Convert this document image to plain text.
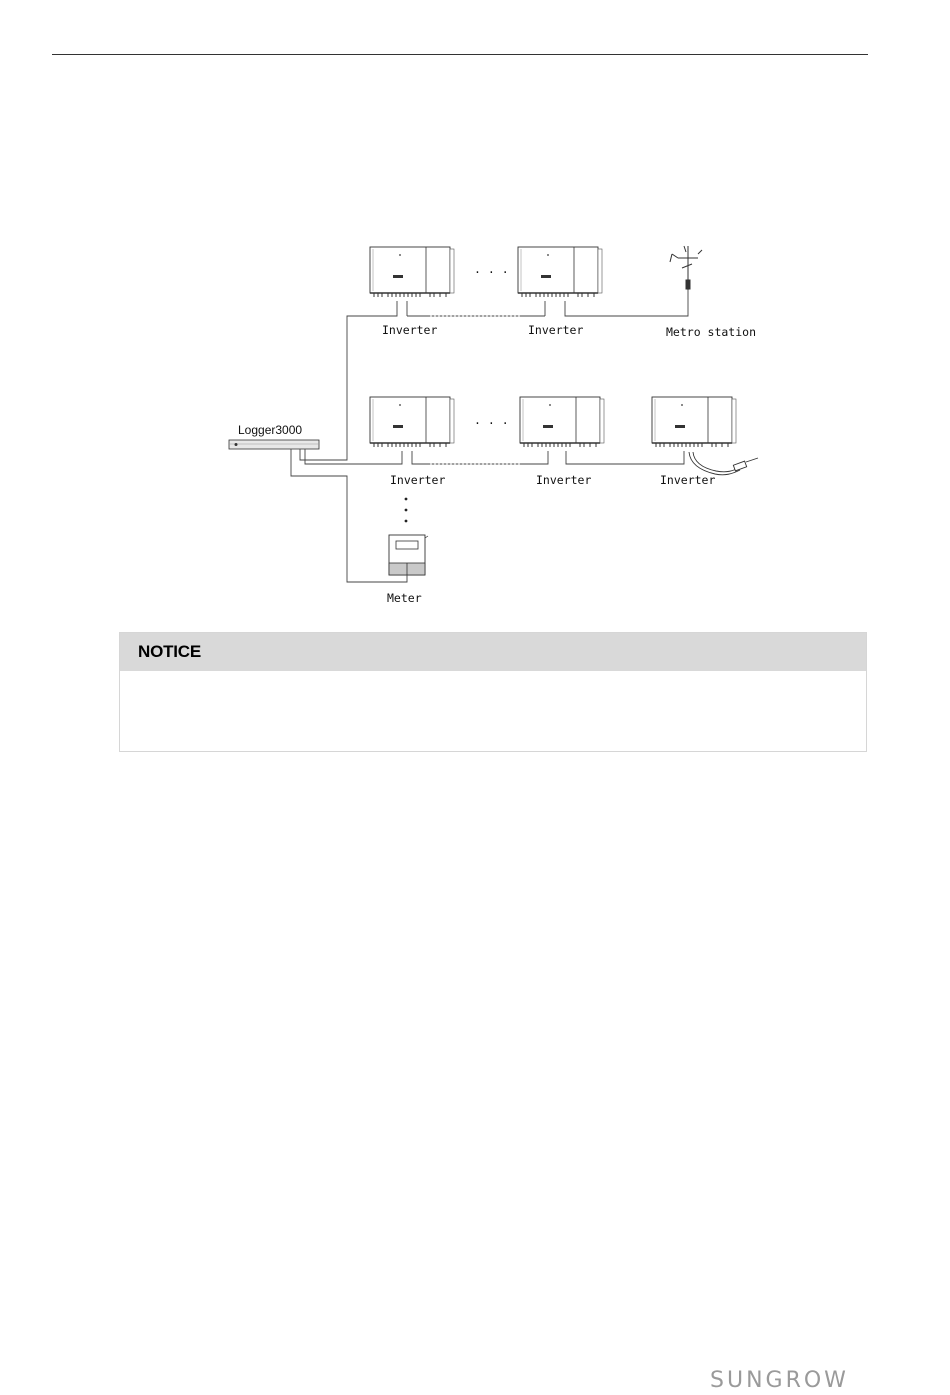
· · ·
· · ·
Inverter	Inverter	Metro station
Logger3000
Inverter	Inverter	Inverter
Meter
NOTICE
SUNGROW
